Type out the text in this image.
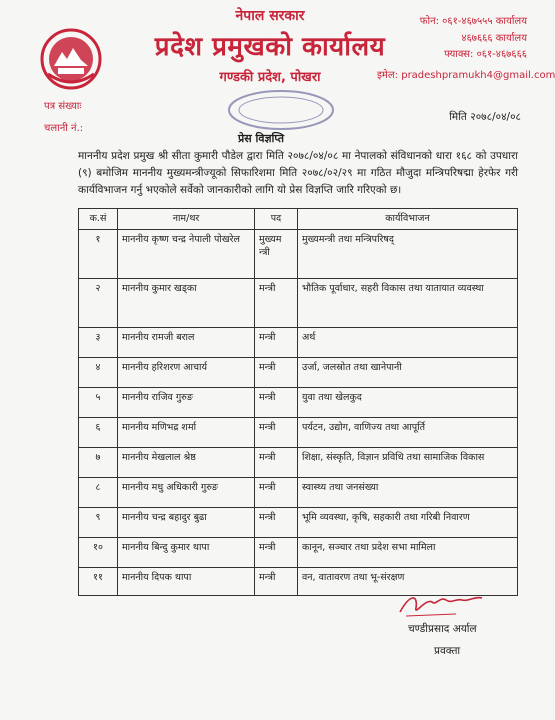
नेपाल सरकार
प्रदेश प्रमुखको कार्यालय
गण्डकी प्रदेश, पोखरा
फोन: ०६१-४६७५५५ कार्यालय
४६७६६६ कार्यालय
फ्याक्स: ०६१-४६७६६६
इमेल: pradeshpramukh4@gmail.com
पत्र संख्याः
चलानी नं.:
मिति २०७८/०४/०८
प्रेस विज्ञप्ति
माननीय प्रदेश प्रमुख श्री सीता कुमारी पौडेल द्वारा मिति २०७८/०४/०८ मा नेपालको संविधानको धारा १६८ को उपधारा (९) बमोजिम माननीय मुख्यमन्त्रीज्यूको सिफारिशमा मिति २०७८/०२/२९ मा गठित मौजुदा मन्त्रिपरिषद्मा हेरफेर गरी कार्यविभाजन गर्नु भएकोले सर्वेको जानकारीको लागि यो प्रेस विज्ञप्ति जारि गरिएको छ।
क.सं	नाम/थर	पद	कार्यविभाजन
१	माननीय कृष्ण चन्द्र नेपाली पोखरेल	मुख्यम न्त्री	मुख्यमन्त्री तथा मन्त्रिपरिषद्
२	माननीय कुमार खड्का	मन्त्री	भौतिक पूर्वाधार, सहरी विकास तथा यातायात व्यवस्था
३	माननीय रामजी बराल	मन्त्री	अर्थ
४	माननीय हरिशरण आचार्य	मन्त्री	उर्जा, जलस्रोत तथा खानेपानी
५	माननीय राजिव गुरुङ	मन्त्री	युवा तथा खेलकुद
६	माननीय मणिभद्र शर्मा	मन्त्री	पर्यटन, उद्योग, वाणिज्य तथा आपूर्ति
७	माननीय मेखलाल श्रेष्ठ	मन्त्री	शिक्षा, संस्कृति, विज्ञान प्रविधि तथा सामाजिक विकास
८	माननीय मधु अधिकारी गुरुङ	मन्त्री	स्वास्थ्य तथा जनसंख्या
९	माननीय चन्द्र बहादुर बुढा	मन्त्री	भूमि व्यवस्था, कृषि, सहकारी तथा गरिबी निवारण
१०	माननीय बिन्दु कुमार थापा	मन्त्री	कानून, सञ्चार तथा प्रदेश सभा मामिला
११	माननीय दिपक थापा	मन्त्री	वन, वातावरण तथा भू-संरक्षण
चण्डीप्रसाद अर्याल
प्रवक्ता
